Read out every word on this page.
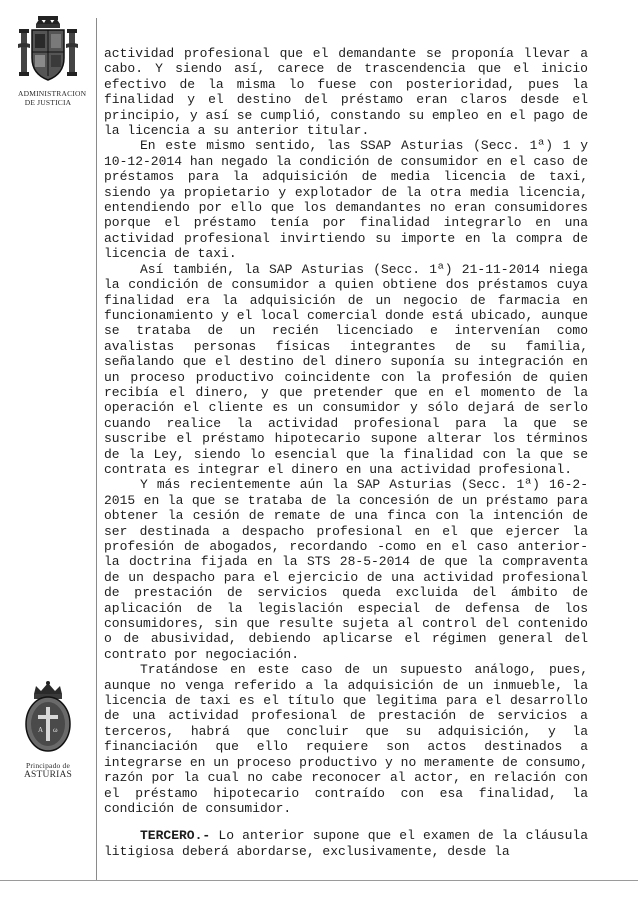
ADMINISTRACION DE JUSTICIA
A ω
Principado de
ASTURIAS

actividad profesional que el demandante se proponía llevar a cabo. Y siendo así, carece de trascendencia que el inicio efectivo de la misma lo fuese con posterioridad, pues la finalidad y el destino del préstamo eran claros desde el principio, y así se cumplió, constando su empleo en el pago de la licencia a su anterior titular.

En este mismo sentido, las SSAP Asturias (Secc. 1ª) 1 y 10-12-2014 han negado la condición de consumidor en el caso de préstamos para la adquisición de media licencia de taxi, siendo ya propietario y explotador de la otra media licencia, entendiendo por ello que los demandantes no eran consumidores porque el préstamo tenía por finalidad integrarlo en una actividad profesional invirtiendo su importe en la compra de licencia de taxi.

Así también, la SAP Asturias (Secc. 1ª) 21-11-2014 niega la condición de consumidor a quien obtiene dos préstamos cuya finalidad era la adquisición de un negocio de farmacia en funcionamiento y el local comercial donde está ubicado, aunque se trataba de un recién licenciado e intervenían como avalistas personas físicas integrantes de su familia, señalando que el destino del dinero suponía su integración en un proceso productivo coincidente con la profesión de quien recibía el dinero, y que pretender que en el momento de la operación el cliente es un consumidor y sólo dejará de serlo cuando realice la actividad profesional para la que se suscribe el préstamo hipotecario supone alterar los términos de la Ley, siendo lo esencial que la finalidad con la que se contrata es integrar el dinero en una actividad profesional.

Y más recientemente aún la SAP Asturias (Secc. 1ª) 16-2-2015 en la que se trataba de la concesión de un préstamo para obtener la cesión de remate de una finca con la intención de ser destinada a despacho profesional en el que ejercer la profesión de abogados, recordando -como en el caso anterior- la doctrina fijada en la STS 28-5-2014 de que la compraventa de un despacho para el ejercicio de una actividad profesional de prestación de servicios queda excluida del ámbito de aplicación de la legislación especial de defensa de los consumidores, sin que resulte sujeta al control del contenido o de abusividad, debiendo aplicarse el régimen general del contrato por negociación.

Tratándose en este caso de un supuesto análogo, pues, aunque no venga referido a la adquisición de un inmueble, la licencia de taxi es el título que legitima para el desarrollo de una actividad profesional de prestación de servicios a terceros, habrá que concluir que su adquisición, y la financiación que ello requiere son actos destinados a integrarse en un proceso productivo y no meramente de consumo, razón por la cual no cabe reconocer al actor, en relación con el préstamo hipotecario contraído con esa finalidad, la condición de consumidor.

TERCERO.- Lo anterior supone que el examen de la cláusula litigiosa deberá abordarse, exclusivamente, desde la
